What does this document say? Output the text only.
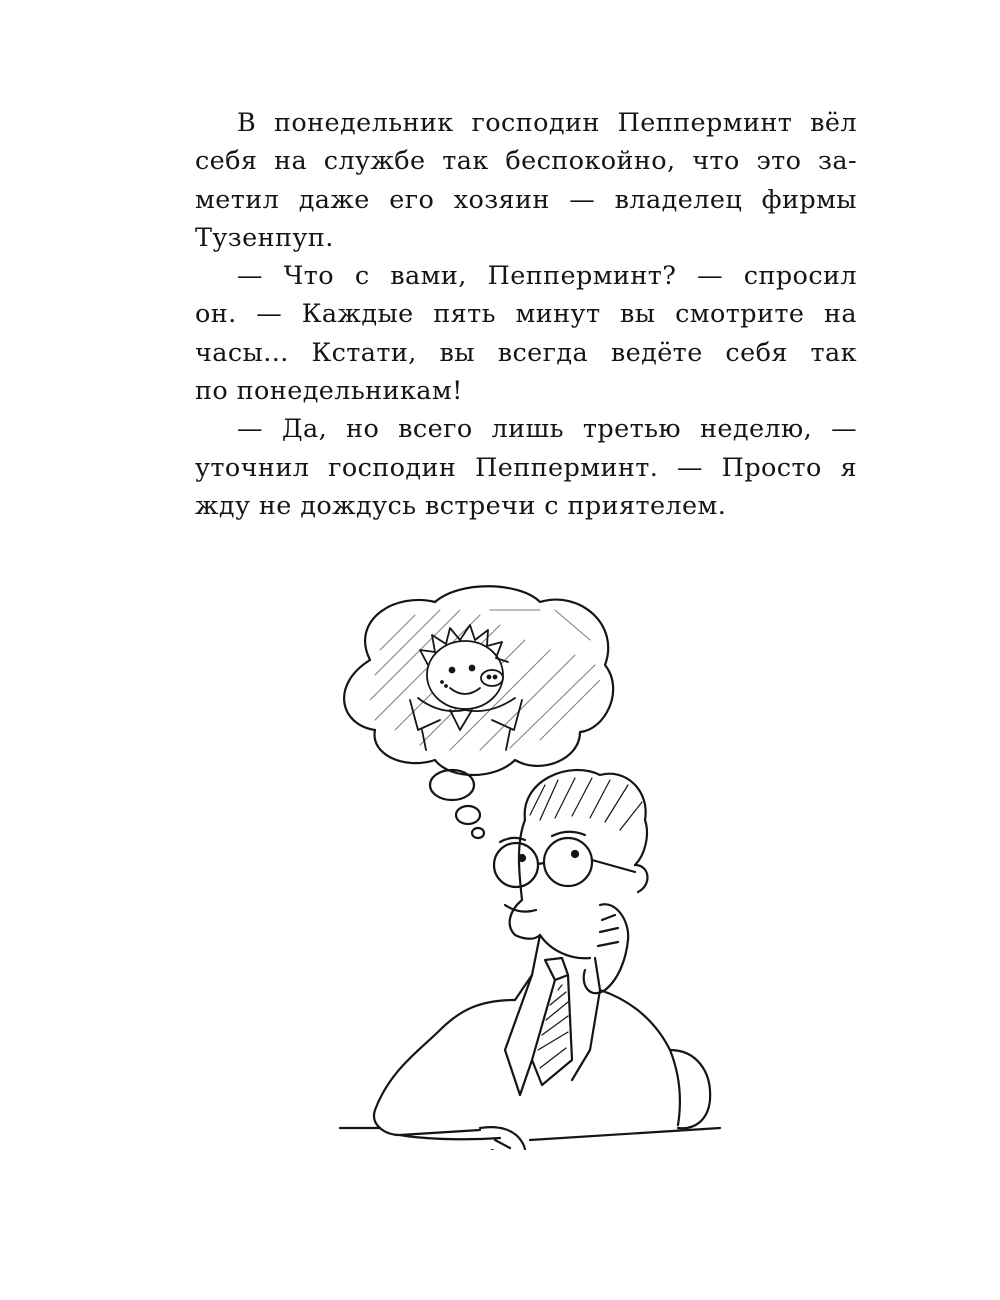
В понедельник господин Пепперминт вёл
себя на службе так беспокойно, что это за-
метил даже его хозяин — владелец фирмы
Тузенпуп.
— Что с вами, Пепперминт? — спросил
он. — Каждые пять минут вы смотрите на
часы... Кстати, вы всегда ведёте себя так
по понедельникам!
— Да, но всего лишь третью неделю, —
уточнил господин Пепперминт. — Просто я
жду не дождусь встречи с приятелем.
